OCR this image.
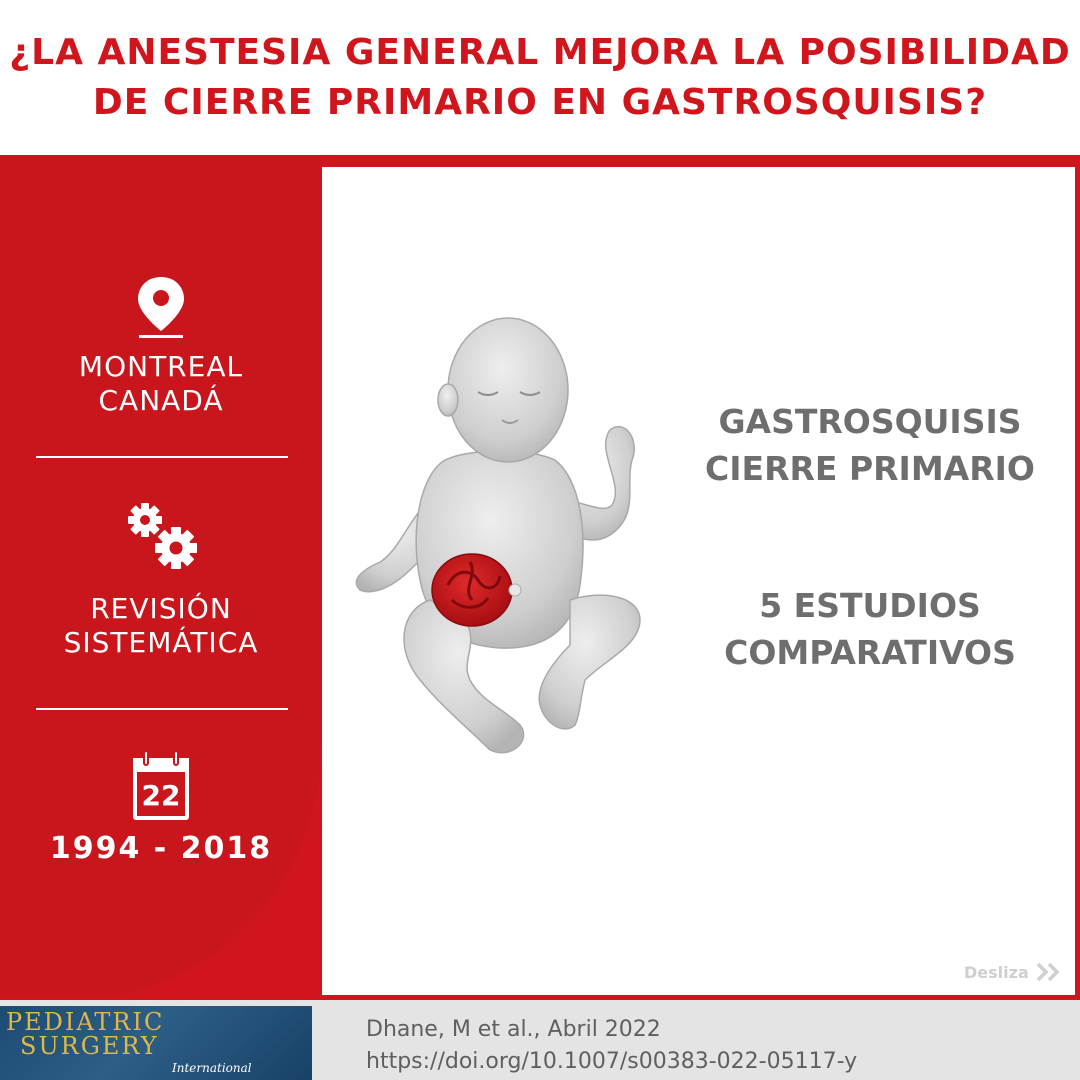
¿LA ANESTESIA GENERAL MEJORA LA POSIBILIDAD
DE CIERRE PRIMARIO EN GASTROSQUISIS?
MONTREAL
CANADÁ
REVISIÓN
SISTEMÁTICA
22
1994 - 2018
GASTROSQUISIS
CIERRE PRIMARIO
5 ESTUDIOS
COMPARATIVOS
Desliza
PEDIATRIC
SURGERY
International
Dhane, M et al., Abril 2022
https://doi.org/10.1007/s00383-022-05117-y
